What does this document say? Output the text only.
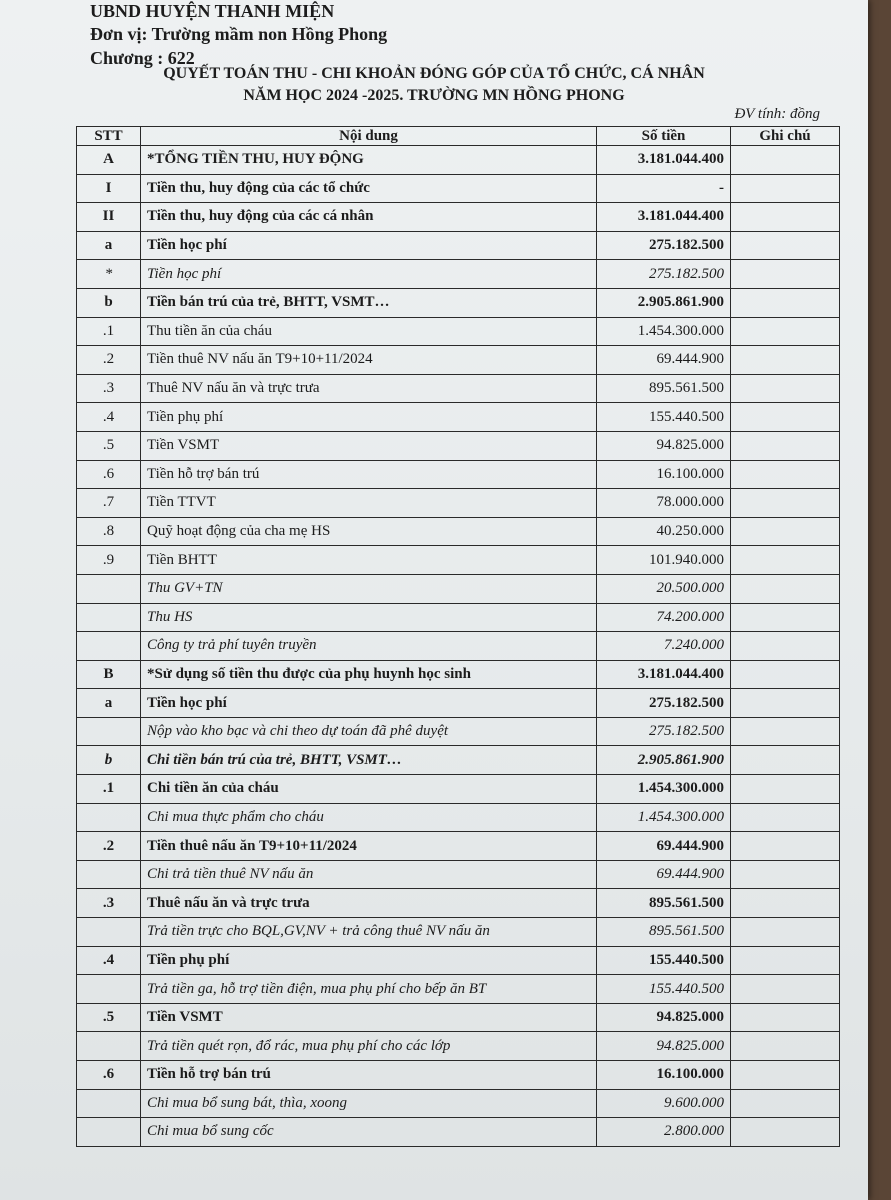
UBND HUYỆN THANH MIỆN
Đơn vị: Trường mầm non Hồng Phong
Chương : 622
QUYẾT TOÁN THU - CHI KHOẢN ĐÓNG GÓP CỦA TỔ CHỨC, CÁ NHÂN
NĂM HỌC 2024 -2025. TRƯỜNG MN HỒNG PHONG
ĐV tính: đồng
STT	Nội dung	Số tiền	Ghi chú
A	*TỔNG TIỀN THU, HUY ĐỘNG	3.181.044.400	
I	Tiền thu, huy động của các tổ chức	-	
II	Tiền thu, huy động của các cá nhân	3.181.044.400	
a	Tiền học phí	275.182.500	
*	Tiền học phí	275.182.500	
b	Tiền bán trú của trẻ, BHTT, VSMT…	2.905.861.900	
.1	Thu tiền ăn của cháu	1.454.300.000	
.2	Tiền thuê NV nấu ăn T9+10+11/2024	69.444.900	
.3	Thuê NV nấu ăn và trực trưa	895.561.500	
.4	Tiền phụ phí	155.440.500	
.5	Tiền VSMT	94.825.000	
.6	Tiền hỗ trợ bán trú	16.100.000	
.7	Tiền TTVT	78.000.000	
.8	Quỹ hoạt động của cha mẹ HS	40.250.000	
.9	Tiền BHTT	101.940.000	
	Thu GV+TN	20.500.000	
	Thu HS	74.200.000	
	Công ty trả phí tuyên truyền	7.240.000	
B	*Sử dụng số tiền thu được của phụ huynh học sinh	3.181.044.400	
a	Tiền học phí	275.182.500	
	Nộp vào kho bạc và chi theo dự toán đã phê duyệt	275.182.500	
b	Chi tiền bán trú của trẻ, BHTT, VSMT…	2.905.861.900	
.1	Chi tiền ăn của cháu	1.454.300.000	
	Chi mua thực phẩm cho cháu	1.454.300.000	
.2	Tiền thuê nấu ăn T9+10+11/2024	69.444.900	
	Chi trả tiền thuê NV nấu ăn	69.444.900	
.3	Thuê nấu ăn và trực trưa	895.561.500	
	Trả tiền trực cho BQL,GV,NV + trả công thuê NV nấu ăn	895.561.500	
.4	Tiền phụ phí	155.440.500	
	Trả tiền ga, hỗ trợ tiền điện, mua phụ phí cho bếp ăn BT	155.440.500	
.5	Tiền VSMT	94.825.000	
	Trả tiền quét rọn, đổ rác, mua phụ phí cho các lớp	94.825.000	
.6	Tiền hỗ trợ bán trú	16.100.000	
	Chi mua bổ sung bát, thìa, xoong	9.600.000	
	Chi mua bổ sung cốc	2.800.000	
